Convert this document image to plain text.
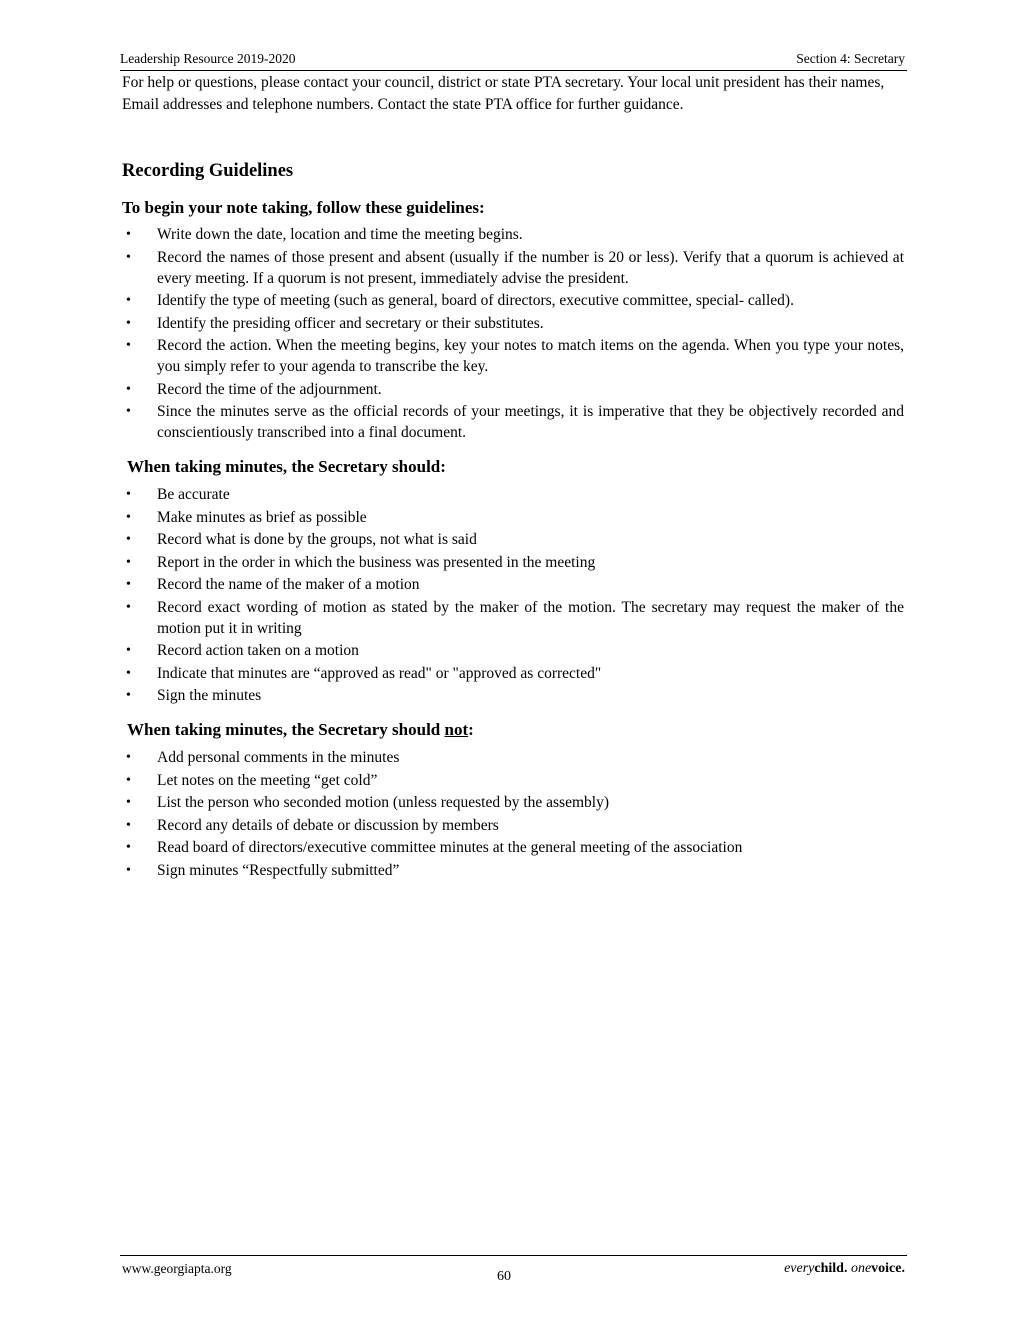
Leadership Resource 2019-2020	Section 4: Secretary
For help or questions, please contact your council, district or state PTA secretary. Your local unit president has their names, Email addresses and telephone numbers. Contact the state PTA office for further guidance.
Recording Guidelines
To begin your note taking, follow these guidelines:
• Write down the date, location and time the meeting begins.
• Record the names of those present and absent (usually if the number is 20 or less). Verify that a quorum is achieved at every meeting. If a quorum is not present, immediately advise the president.
• Identify the type of meeting (such as general, board of directors, executive committee, special- called).
• Identify the presiding officer and secretary or their substitutes.
• Record the action. When the meeting begins, key your notes to match items on the agenda. When you type your notes, you simply refer to your agenda to transcribe the key.
• Record the time of the adjournment.
• Since the minutes serve as the official records of your meetings, it is imperative that they be objectively recorded and conscientiously transcribed into a final document.
When taking minutes, the Secretary should:
• Be accurate
• Make minutes as brief as possible
• Record what is done by the groups, not what is said
• Report in the order in which the business was presented in the meeting
• Record the name of the maker of a motion
• Record exact wording of motion as stated by the maker of the motion. The secretary may request the maker of the motion put it in writing
• Record action taken on a motion
• Indicate that minutes are “approved as read" or "approved as corrected"
• Sign the minutes
When taking minutes, the Secretary should not:
• Add personal comments in the minutes
• Let notes on the meeting “get cold”
• List the person who seconded motion (unless requested by the assembly)
• Record any details of debate or discussion by members
• Read board of directors/executive committee minutes at the general meeting of the association
• Sign minutes “Respectfully submitted”
www.georgiapta.org
60
everychild. onevoice.
